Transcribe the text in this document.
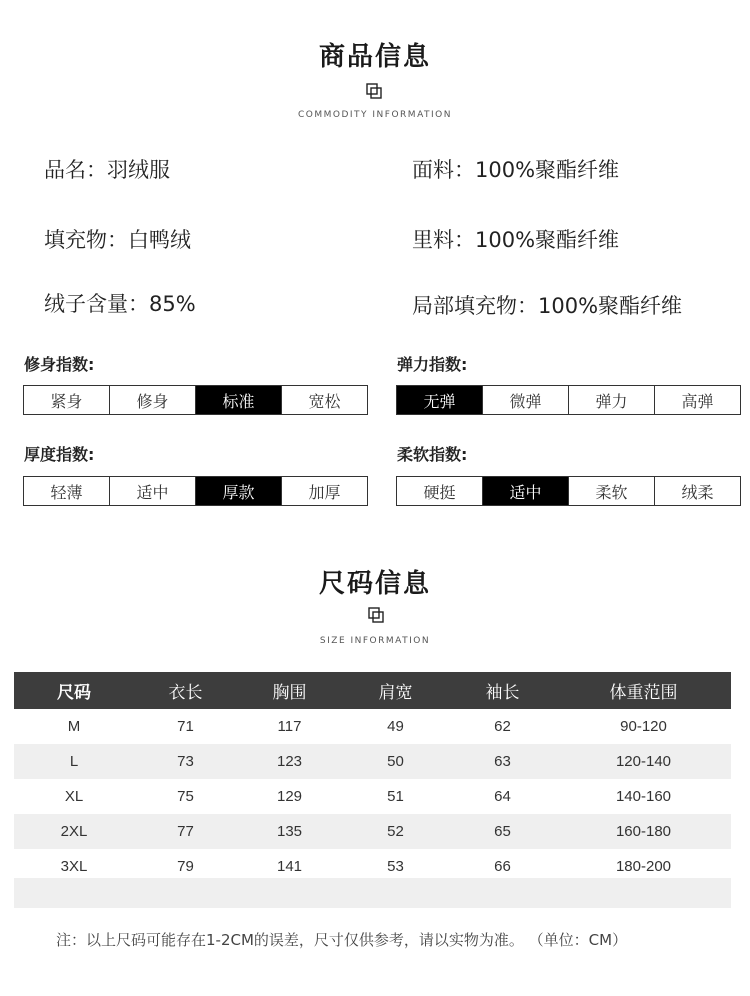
商品信息
COMMODITY INFORMATION
品名：羽绒服	面料：100%聚酯纤维
填充物：白鸭绒	里料：100%聚酯纤维
绒子含量：85%	局部填充物：100%聚酯纤维
修身指数:
紧身	修身	标准	宽松
弹力指数:
无弹	微弹	弹力	高弹
厚度指数:
轻薄	适中	厚款	加厚
柔软指数:
硬挺	适中	柔软	绒柔
尺码信息
SIZE INFORMATION
尺码	衣长	胸围	肩宽	袖长	体重范围
M	71	117	49	62	90-120
L	73	123	50	63	120-140
XL	75	129	51	64	140-160
2XL	77	135	52	65	160-180
3XL	79	141	53	66	180-200
注：以上尺码可能存在1-2CM的误差，尺寸仅供参考，请以实物为准。 （单位：CM）
